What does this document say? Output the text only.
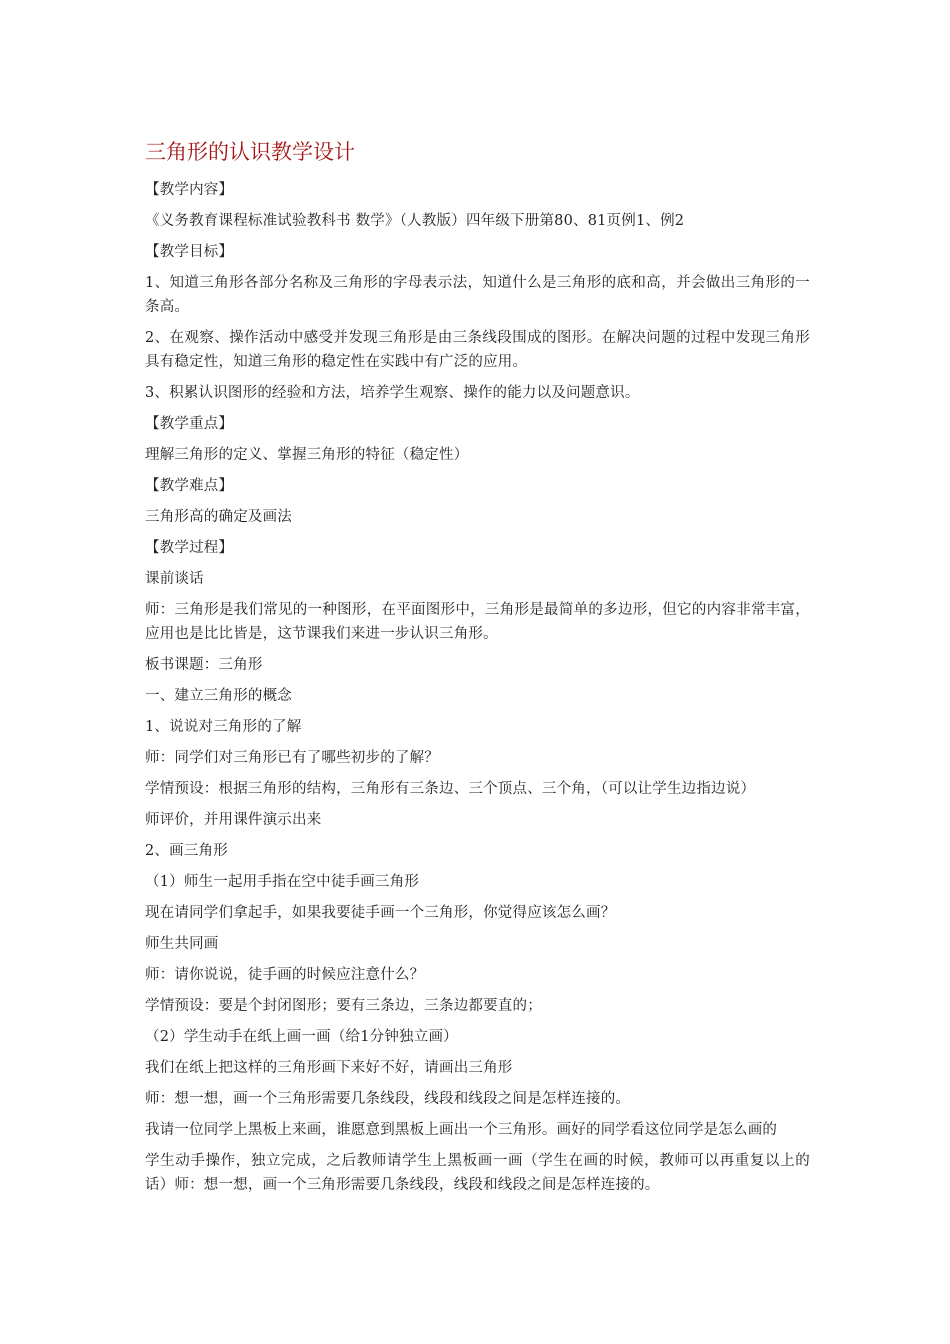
三角形的认识教学设计
【教学内容】
《义务教育课程标准试验教科书 数学》（人教版）四年级下册第80、81页例1、例2
【教学目标】
1、知道三角形各部分名称及三角形的字母表示法，知道什么是三角形的底和高，并会做出三角形的一条高。
2、在观察、操作活动中感受并发现三角形是由三条线段围成的图形。在解决问题的过程中发现三角形具有稳定性，知道三角形的稳定性在实践中有广泛的应用。
3、积累认识图形的经验和方法，培养学生观察、操作的能力以及问题意识。
【教学重点】
理解三角形的定义、掌握三角形的特征（稳定性）
【教学难点】
三角形高的确定及画法
【教学过程】
课前谈话
师：三角形是我们常见的一种图形，在平面图形中，三角形是最简单的多边形，但它的内容非常丰富，应用也是比比皆是，这节课我们来进一步认识三角形。
板书课题：三角形
一、建立三角形的概念
1、说说对三角形的了解
师：同学们对三角形已有了哪些初步的了解？
学情预设：根据三角形的结构，三角形有三条边、三个顶点、三个角，（可以让学生边指边说）
师评价，并用课件演示出来
2、画三角形
（1）师生一起用手指在空中徒手画三角形
现在请同学们拿起手，如果我要徒手画一个三角形，你觉得应该怎么画？
师生共同画
师：请你说说，徒手画的时候应注意什么？
学情预设：要是个封闭图形；要有三条边，三条边都要直的；
（2）学生动手在纸上画一画（给1分钟独立画）
我们在纸上把这样的三角形画下来好不好，请画出三角形
师：想一想，画一个三角形需要几条线段，线段和线段之间是怎样连接的。
我请一位同学上黑板上来画，谁愿意到黑板上画出一个三角形。画好的同学看这位同学是怎么画的
学生动手操作，独立完成，之后教师请学生上黑板画一画（学生在画的时候，教师可以再重复以上的话）师：想一想，画一个三角形需要几条线段，线段和线段之间是怎样连接的。
